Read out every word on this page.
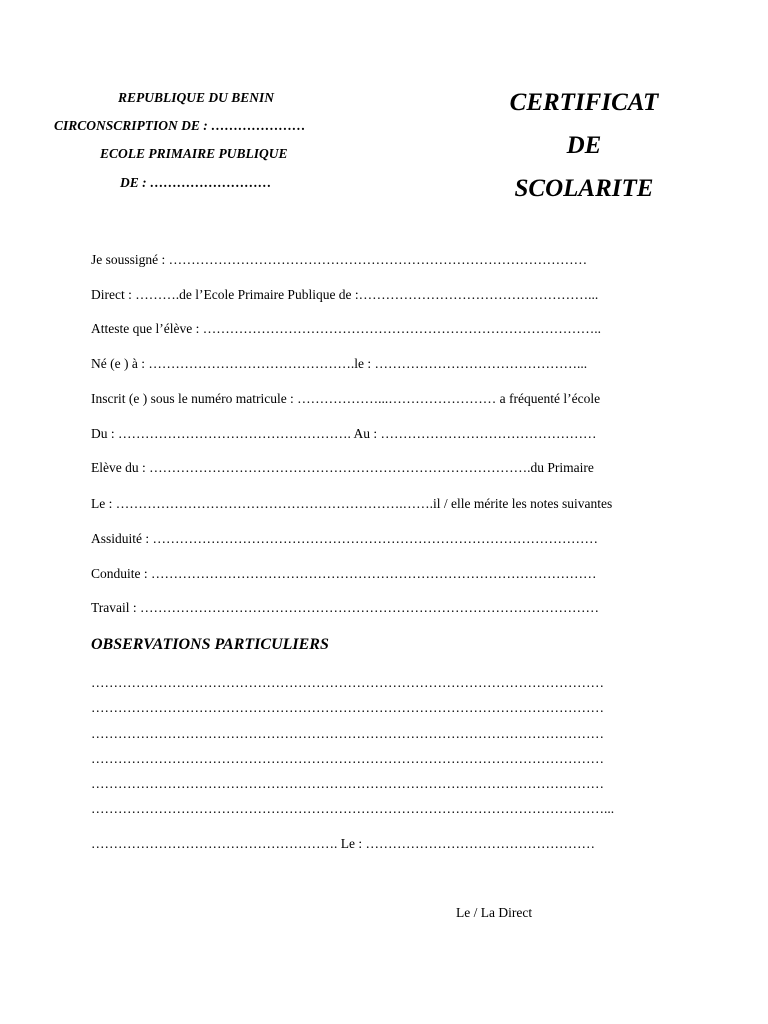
REPUBLIQUE DU BENIN
CIRCONSCRIPTION DE : …………………
ECOLE PRIMAIRE PUBLIQUE
DE : ………………………
CERTIFICAT
DE
SCOLARITE
Je soussigné : …………………………………………………………………………………
Direct : ……….de l’Ecole Primaire Publique de :……………………………………………...
Atteste que l’élève : ……………………………………………………………………………..
Né (e ) à : ……………………………………….le : ………………………………………...
Inscrit (e ) sous le numéro matricule : ………………...…………………… a fréquenté l’école
Du : ……………………………………………. Au : …………………………………………
Elève du : ………………………………………………………………………….du Primaire
Le : ……………………………………………………….…….il / elle mérite les notes suivantes
Assiduité : ………………………………………………………………………………………
Conduite : ………………………………………………………………………………………
Travail : …………………………………………………………………………………………
OBSERVATIONS PARTICULIERS
……………………………………………………………………………………………………
……………………………………………………………………………………………………
……………………………………………………………………………………………………
……………………………………………………………………………………………………
……………………………………………………………………………………………………
……………………………………………………………………………………………………...
………………………………………………. Le : ……………………………………………
Le / La Direct
